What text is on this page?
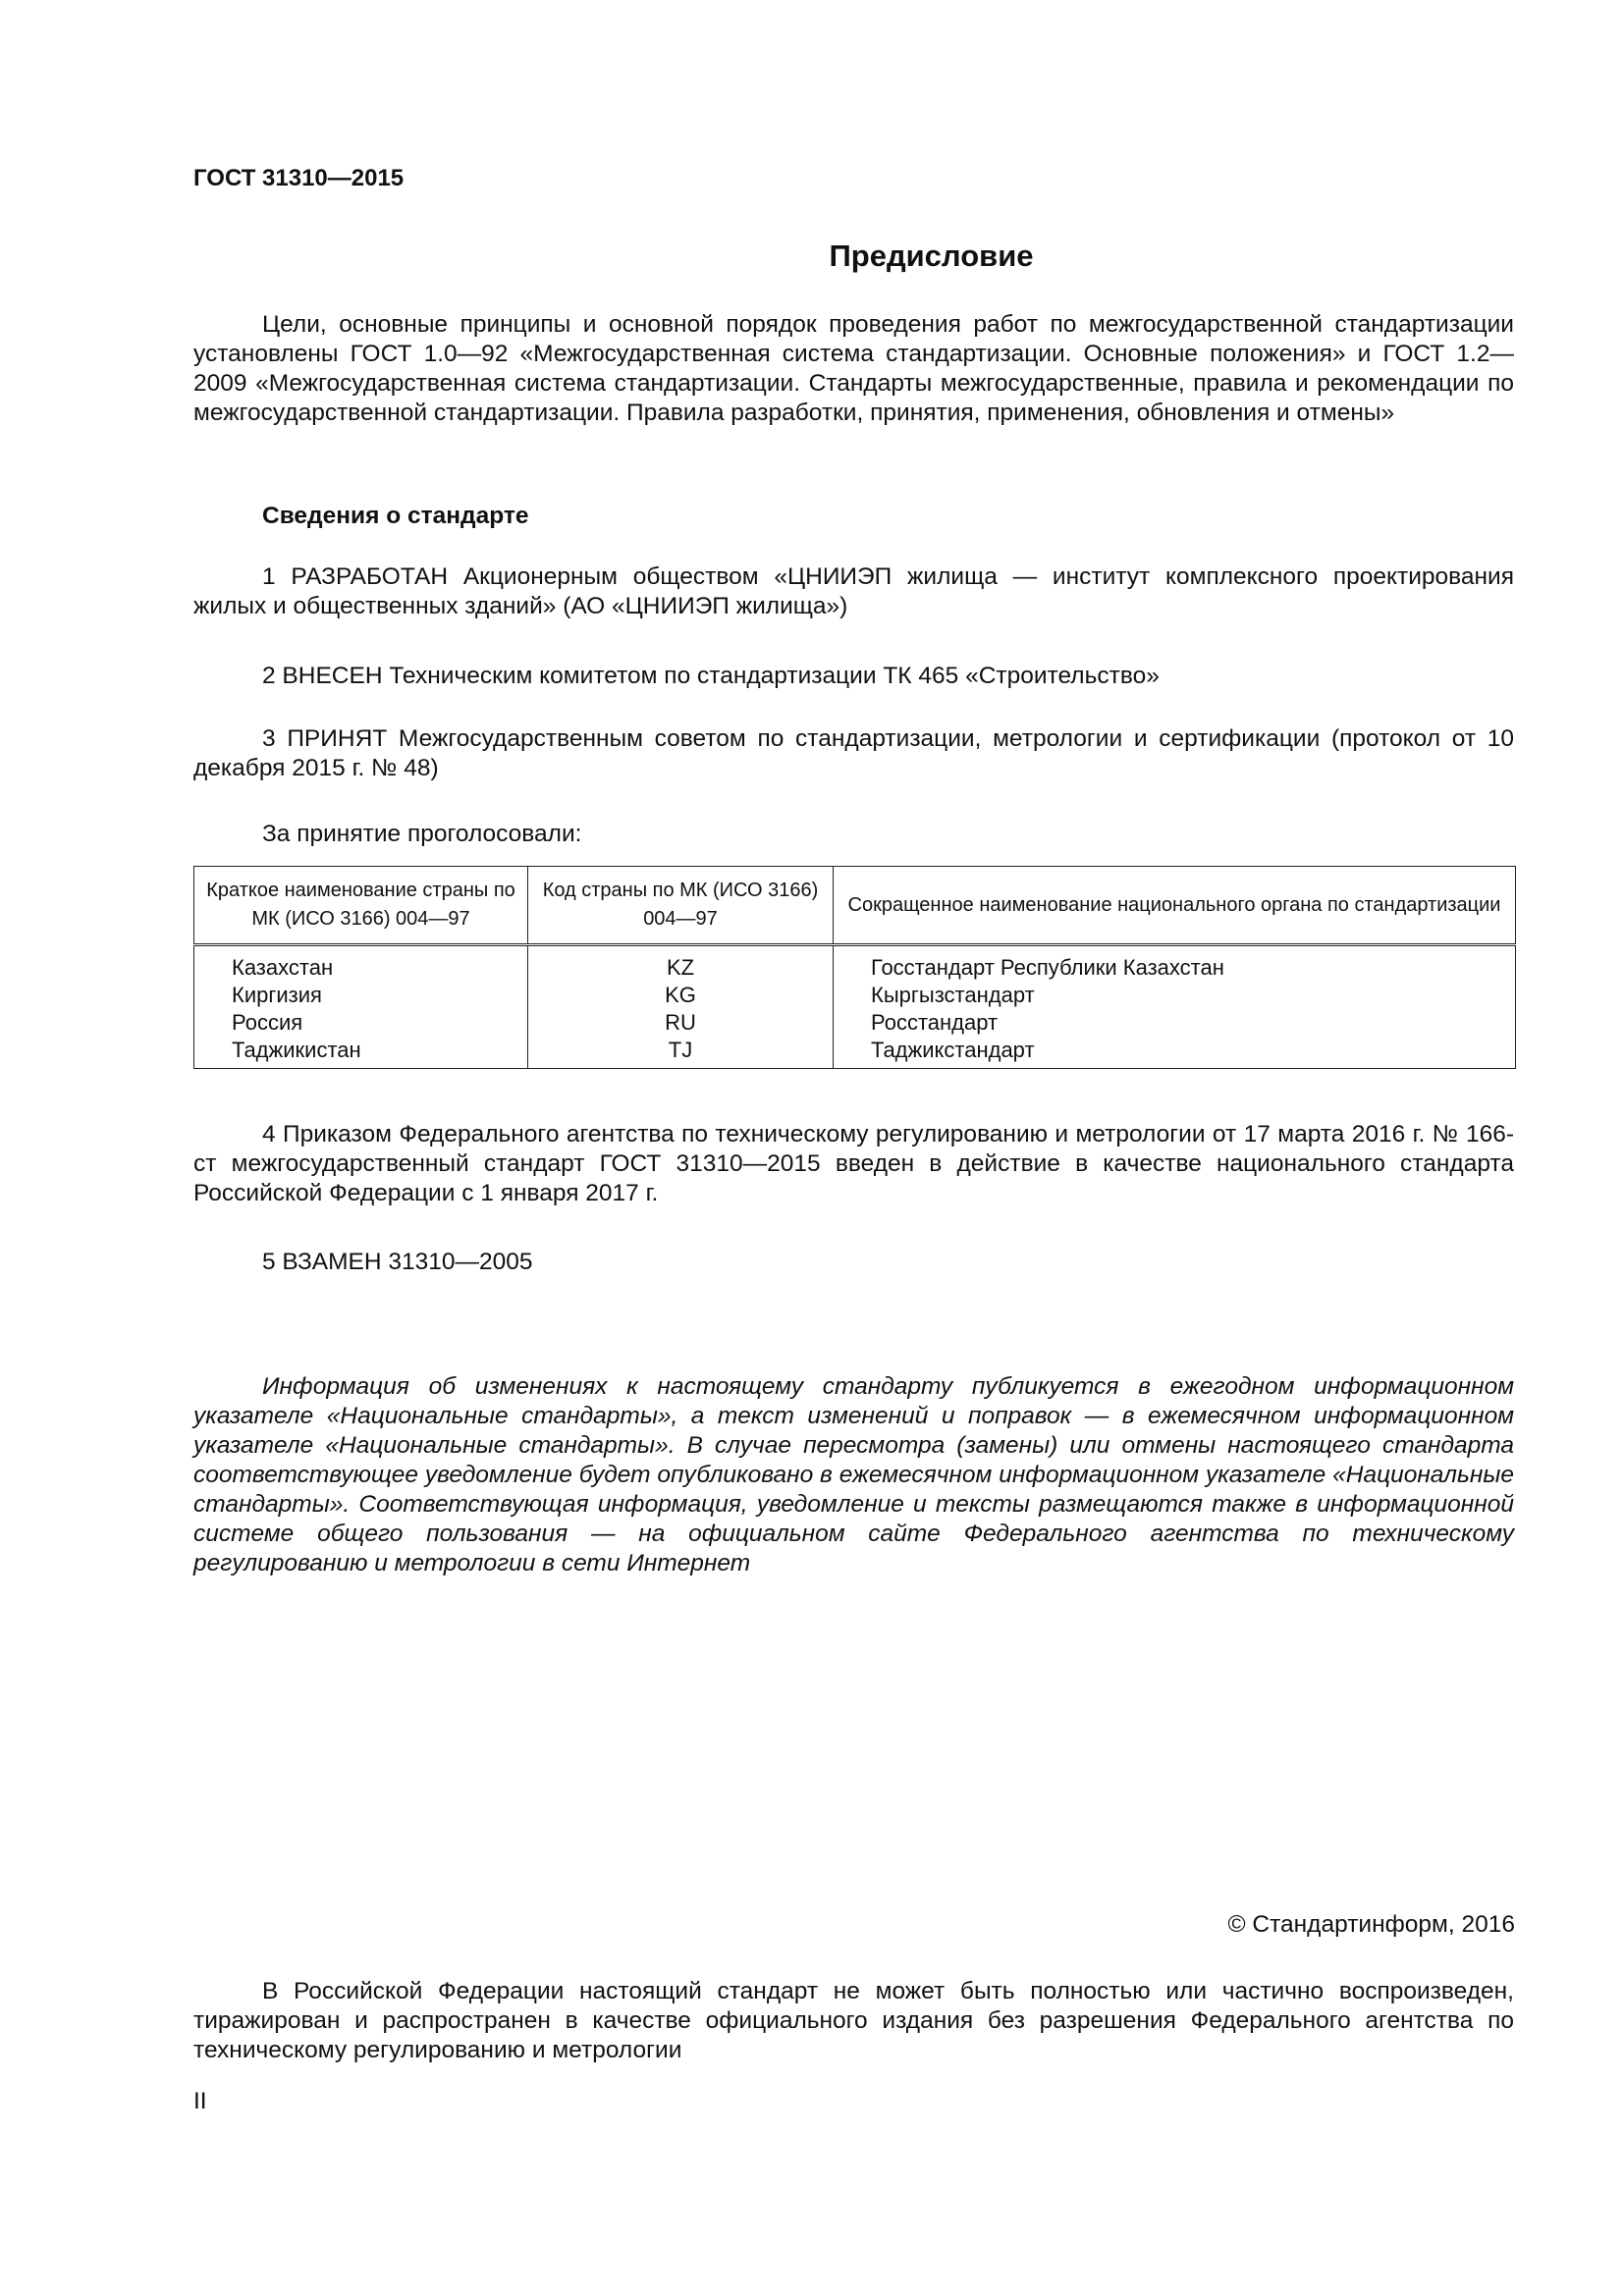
ГОСТ 31310—2015
Предисловие

Цели, основные принципы и основной порядок проведения работ по межгосударственной стандартизации установлены ГОСТ 1.0—92 «Межгосударственная система стандартизации. Основные положения» и ГОСТ 1.2—2009 «Межгосударственная система стандартизации. Стандарты межгосударственные, правила и рекомендации по межгосударственной стандартизации. Правила разработки, принятия, применения, обновления и отмены»

Сведения о стандарте

1 РАЗРАБОТАН Акционерным обществом «ЦНИИЭП жилища — институт комплексного проектирования жилых и общественных зданий» (АО «ЦНИИЭП жилища»)

2 ВНЕСЕН Техническим комитетом по стандартизации ТК 465 «Строительство»

3 ПРИНЯТ Межгосударственным советом по стандартизации, метрологии и сертификации (протокол от 10 декабря 2015 г. № 48)

За принятие проголосовали:
Краткое наименование страны по МК (ИСО 3166) 004—97	Код страны по МК (ИСО 3166) 004—97	Сокращенное наименование национального органа по стандартизации
Казахстан	KZ	Госстандарт Республики Казахстан
Киргизия	KG	Кыргызстандарт
Россия	RU	Росстандарт
Таджикистан	TJ	Таджикстандарт

4 Приказом Федерального агентства по техническому регулированию и метрологии от 17 марта 2016 г. № 166-ст межгосударственный стандарт ГОСТ 31310—2015 введен в действие в качестве национального стандарта Российской Федерации с 1 января 2017 г.

5 ВЗАМЕН 31310—2005

Информация об изменениях к настоящему стандарту публикуется в ежегодном информационном указателе «Национальные стандарты», а текст изменений и поправок — в ежемесячном информационном указателе «Национальные стандарты». В случае пересмотра (замены) или отмены настоящего стандарта соответствующее уведомление будет опубликовано в ежемесячном информационном указателе «Национальные стандарты». Соответствующая информация, уведомление и тексты размещаются также в информационной системе общего пользования — на официальном сайте Федерального агентства по техническому регулированию и метрологии в сети Интернет

© Стандартинформ, 2016

В Российской Федерации настоящий стандарт не может быть полностью или частично воспроизведен, тиражирован и распространен в качестве официального издания без разрешения Федерального агентства по техническому регулированию и метрологии

II
